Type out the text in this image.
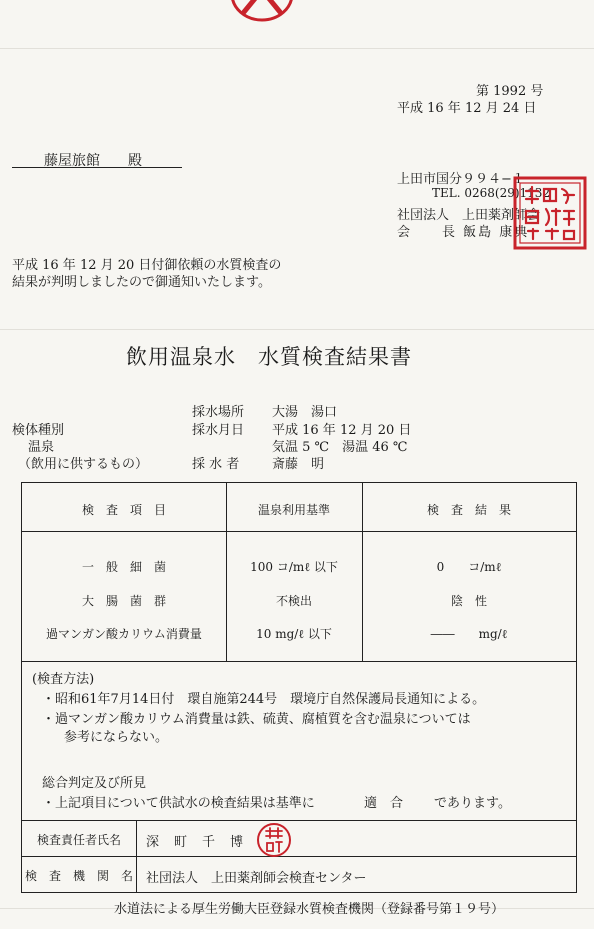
第 1992 号
平成 16 年 12 月 24 日
藤屋旅館　　殿
上田市国分９９４−１
TEL. 0268(29)1132
社団法人　上田薬剤師会
会　　長 飯島 康典
平成 16 年 12 月 20 日付御依頼の水質検査の
結果が判明しましたので御通知いたします。
飲用温泉水　水質検査結果書
採水場所 大湯　湯口
検体種別	採水月日 平成 16 年 12 月 20 日
温泉	気温 5 ℃　湯温 46 ℃
（飲用に供するもの）	採 水 者	斎藤　明
検　査　項　目	温泉利用基準	検　査　結　果
一　般　細　菌	100 コ/mℓ 以下	0　　コ/mℓ
大　腸　菌　群	不検出	陰　性
過マンガン酸カリウム消費量	10 mg/ℓ 以下	――　　mg/ℓ
(検査方法)
・昭和61年7月14日付　環自施第244号　環境庁自然保護局長通知による。
・過マンガン酸カリウム消費量は鉄、硫黄、腐植質を含む温泉については
参考にならない。
総合判定及び所見
・上記項目について供試水の検査結果は基準に	適　合 であります。
検査責任者氏名	深　町　千　博
検　査　機　関　名 社団法人　上田薬剤師会検査センター
水道法による厚生労働大臣登録水質検査機関（登録番号第１９号）
